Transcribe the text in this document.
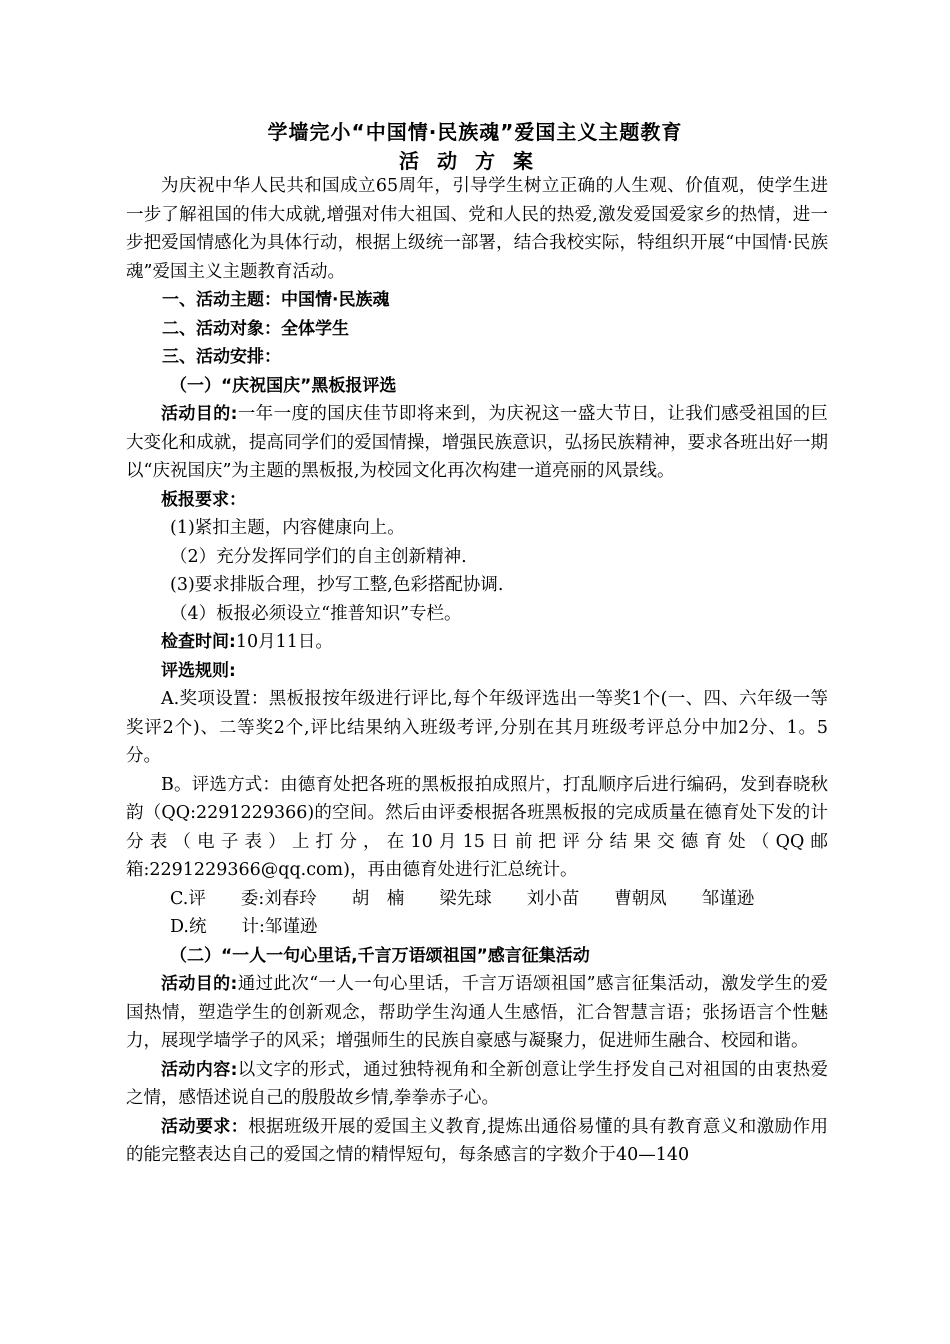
学墙完小“中国情·民族魂”爱国主义主题教育
活动方案

为庆祝中华人民共和国成立65周年，引导学生树立正确的人生观、价值观，使学生进一步了解祖国的伟大成就,增强对伟大祖国、党和人民的热爱,激发爱国爱家乡的热情，进一步把爱国情感化为具体行动，根据上级统一部署，结合我校实际，特组织开展“中国情·民族魂”爱国主义主题教育活动。

一、活动主题：中国情·民族魂

二、活动对象：全体学生

三、活动安排：

（一）“庆祝国庆”黑板报评选

活动目的:一年一度的国庆佳节即将来到，为庆祝这一盛大节日，让我们感受祖国的巨大变化和成就，提高同学们的爱国情操，增强民族意识，弘扬民族精神，要求各班出好一期以“庆祝国庆”为主题的黑板报,为校园文化再次构建一道亮丽的风景线。

板报要求：

(1)紧扣主题，内容健康向上。

（2）充分发挥同学们的自主创新精神.

(3)要求排版合理，抄写工整,色彩搭配协调.

（4）板报必须设立“推普知识”专栏。

检查时间:10月11日。

评选规则:

A.奖项设置：黑板报按年级进行评比,每个年级评选出一等奖1个(一、四、六年级一等奖评2个)、二等奖2个,评比结果纳入班级考评,分别在其月班级考评总分中加2分、1。5分。

B。评选方式：由德育处把各班的黑板报拍成照片，打乱顺序后进行编码，发到春晓秋韵（QQ:2291229366)的空间。然后由评委根据各班黑板报的完成质量在德育处下发的计分表（电子表）上打分，在10月15日前把评分结果交德育处（QQ邮箱:2291229366@qq.com)，再由德育处进行汇总统计。

C.评　　委:刘春玲　　胡　楠　　梁先球　　刘小苗　　曹朝凤　　邹谨逊

D.统　　计:邹谨逊

（二）“一人一句心里话,千言万语颂祖国”感言征集活动

活动目的:通过此次“一人一句心里话，千言万语颂祖国”感言征集活动，激发学生的爱国热情，塑造学生的创新观念，帮助学生沟通人生感悟，汇合智慧言语；张扬语言个性魅力，展现学墙学子的风采；增强师生的民族自豪感与凝聚力，促进师生融合、校园和谐。

活动内容:以文字的形式，通过独特视角和全新创意让学生抒发自己对祖国的由衷热爱之情，感悟述说自己的殷殷故乡情,拳拳赤子心。

活动要求：根据班级开展的爱国主义教育,提炼出通俗易懂的具有教育意义和激励作用的能完整表达自己的爱国之情的精悍短句，每条感言的字数介于40—140
